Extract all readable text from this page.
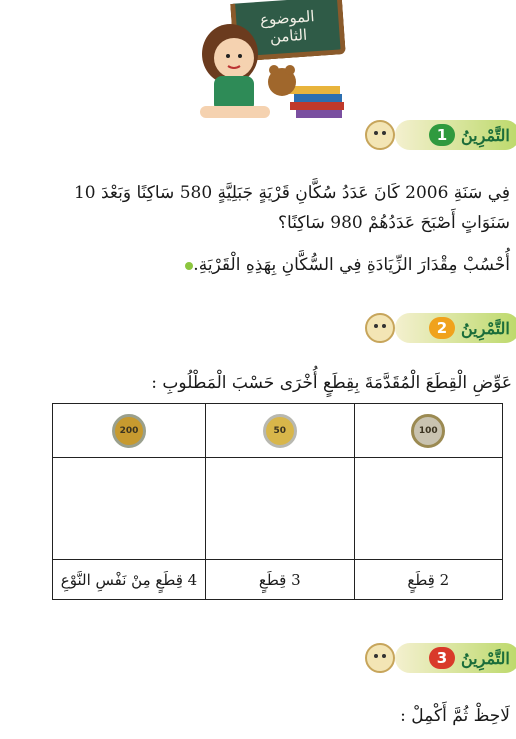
الموضوع
الثامن
التَّمْرِينُ
1
فِي سَنَةِ 2006 كَانَ عَدَدُ سُكَّانِ قَرْيَةٍ جَبَلِيَّةٍ 580 سَاكِنًا وَبَعْدَ 10
سَنَوَاتٍ أَصْبَحَ عَدَدُهُمْ 980 سَاكِنًا؟
أُحْسُبْ مِقْدَارَ الزِّيَادَةِ فِي السُّكَّانِ بِهَذِهِ الْقَرْيَةِ.
التَّمْرِينُ
2
عَوِّضِ الْقِطَعَ الْمُقَدَّمَةَ بِقِطَعٍ أُخْرَى حَسْبَ الْمَطْلُوبِ :
100	50	200

2 قِطَعٍ	3 قِطَعٍ	4 قِطَعٍ مِنْ نَفْسِ النَّوْعِ
التَّمْرِينُ
3
لَاحِظْ ثُمَّ أَكْمِلْ :
